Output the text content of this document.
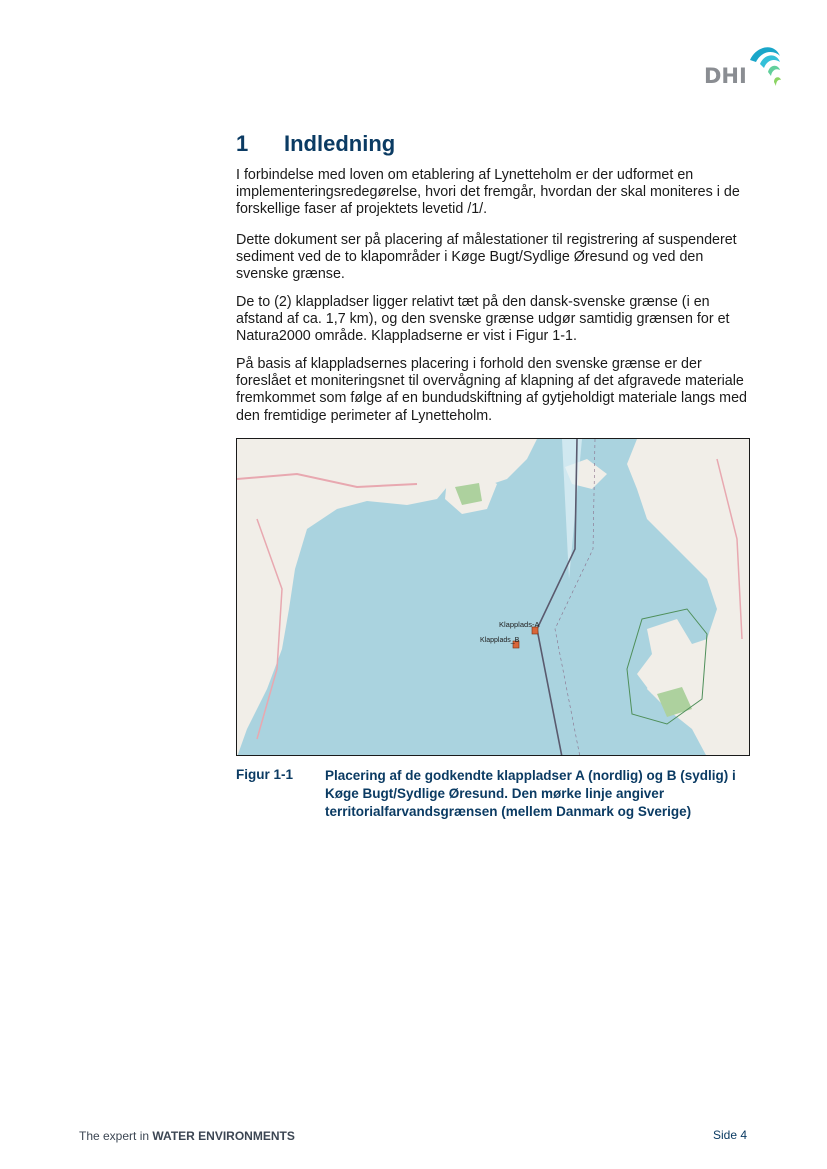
DHI
1 Indledning

I forbindelse med loven om etablering af Lynetteholm er der udformet en implementeringsredegørelse, hvori det fremgår, hvordan der skal moniteres i de forskellige faser af projektets levetid /1/.

Dette dokument ser på placering af målestationer til registrering af suspenderet sediment ved de to klapområder i Køge Bugt/Sydlige Øresund og ved den svenske grænse.

De to (2) klappladser ligger relativt tæt på den dansk-svenske grænse (i en afstand af ca. 1,7 km), og den svenske grænse udgør samtidig grænsen for et Natura2000 område. Klappladserne er vist i Figur 1-1.

På basis af klappladsernes placering i forhold den svenske grænse er der foreslået et moniteringsnet til overvågning af klapning af det afgravede materiale fremkommet som følge af en bundudskiftning af gytjeholdigt materiale langs med den fremtidige perimeter af Lynetteholm.

Klapplads-A
Klapplads_B
Figur 1-1 Placering af de godkendte klappladser A (nordlig) og B (sydlig) i Køge Bugt/Sydlige Øresund. Den mørke linje angiver territorialfarvandsgrænsen (mellem Danmark og Sverige)

The expert in WATER ENVIRONMENTS	Side 4
